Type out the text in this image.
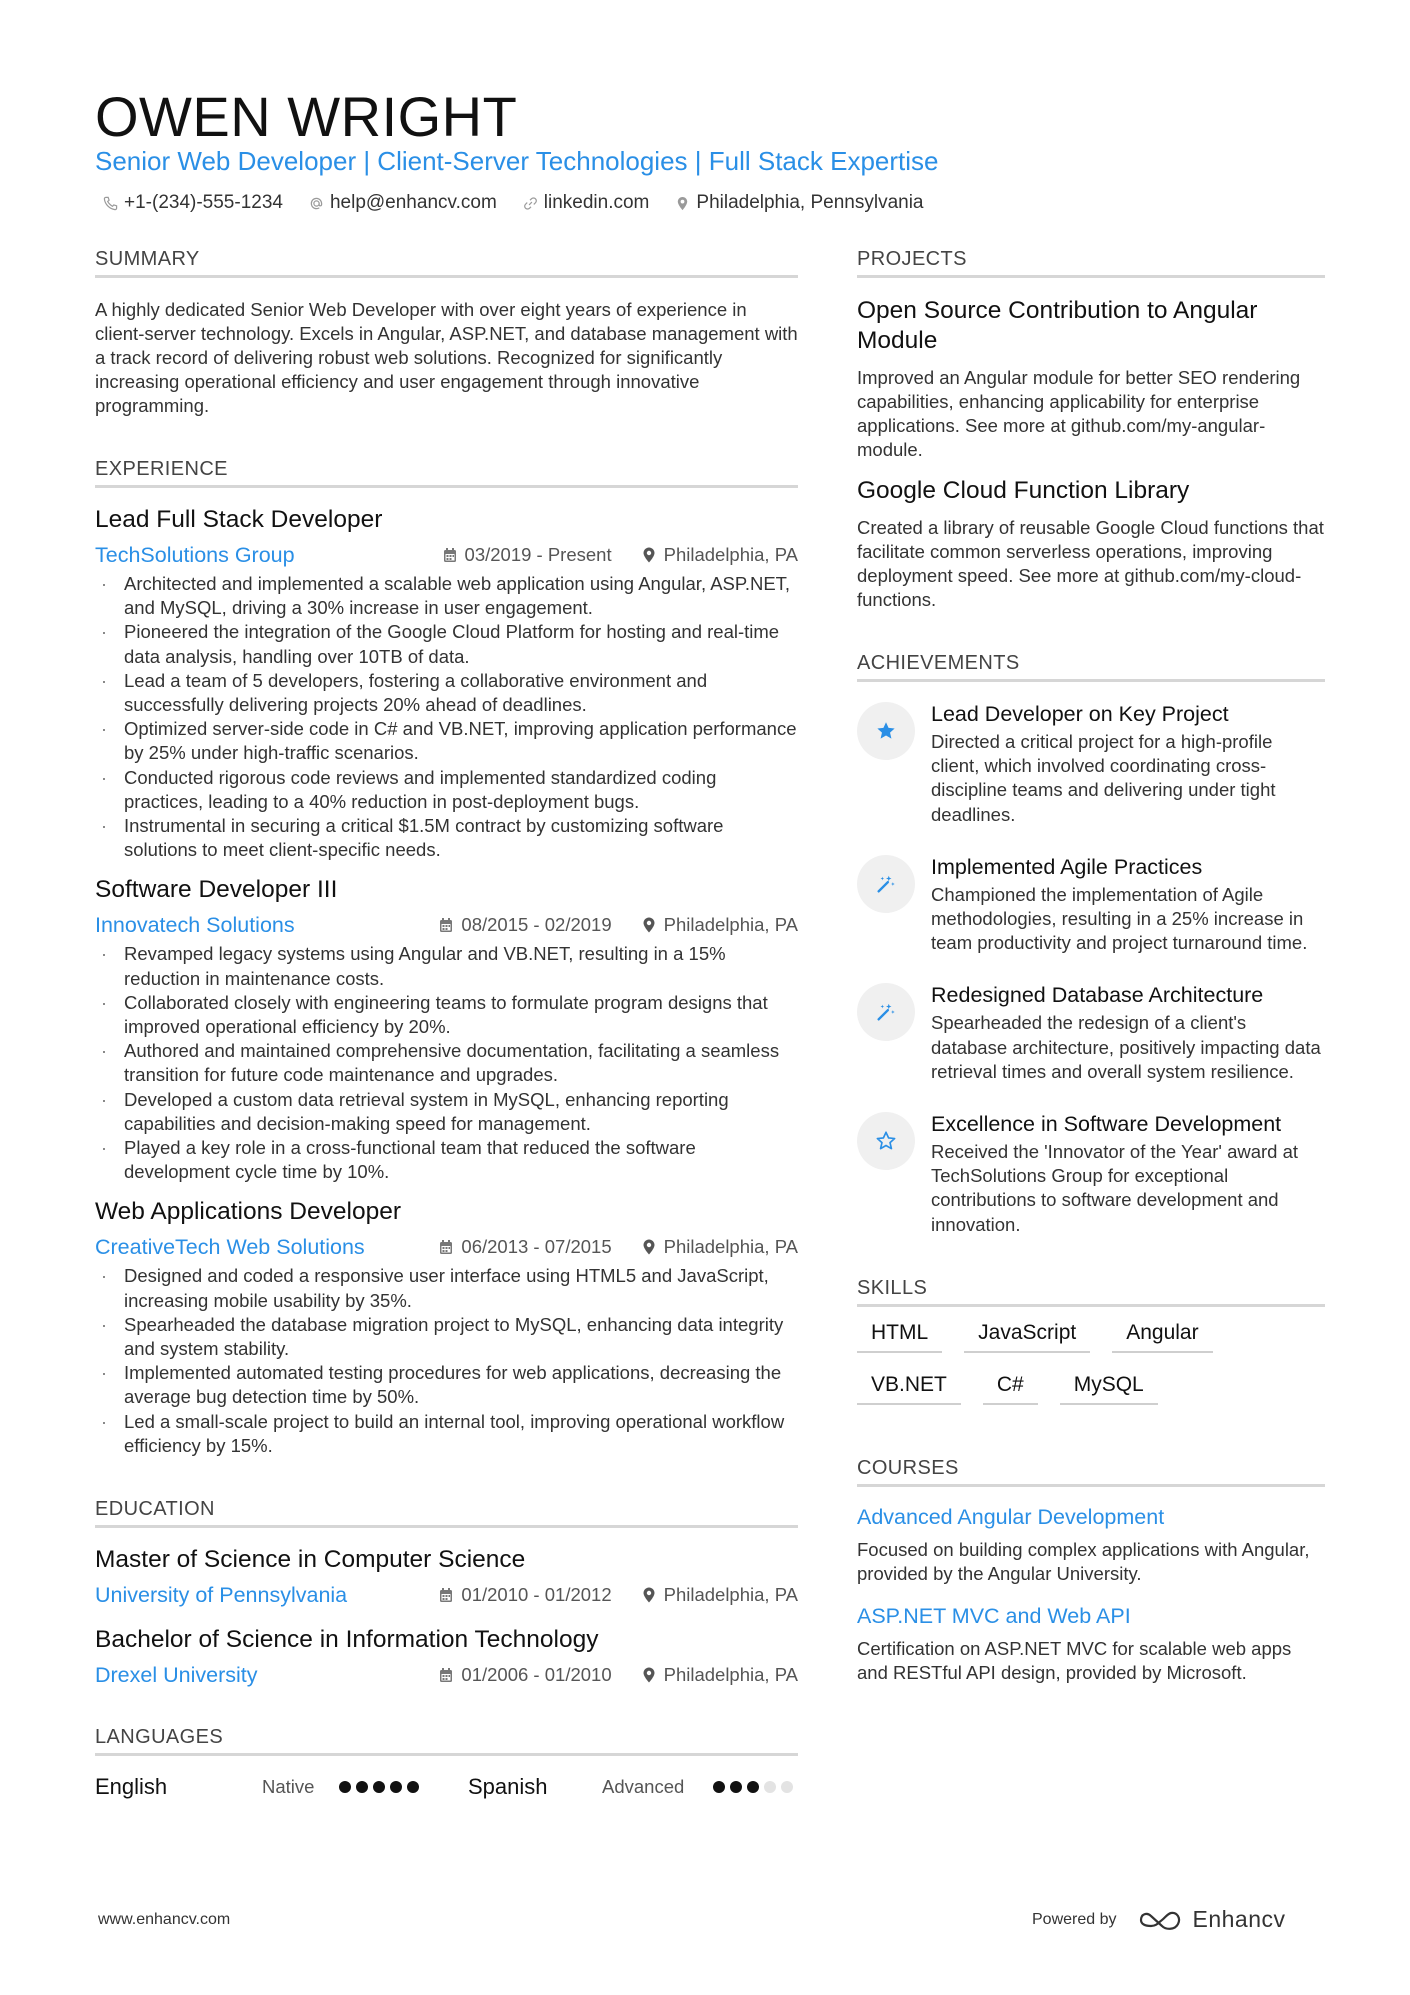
OWEN WRIGHT
Senior Web Developer | Client-Server Technologies | Full Stack Expertise
+1-(234)-555-1234 help@enhancv.com linkedin.com Philadelphia, Pennsylvania
SUMMARY
A highly dedicated Senior Web Developer with over eight years of experience in client-server technology. Excels in Angular, ASP.NET, and database management with a track record of delivering robust web solutions. Recognized for significantly increasing operational efficiency and user engagement through innovative programming.
EXPERIENCE
Lead Full Stack Developer
TechSolutions Group	03/2019 - Present	Philadelphia, PA
· Architected and implemented a scalable web application using Angular, ASP.NET, and MySQL, driving a 30% increase in user engagement.
· Pioneered the integration of the Google Cloud Platform for hosting and real-time data analysis, handling over 10TB of data.
· Lead a team of 5 developers, fostering a collaborative environment and successfully delivering projects 20% ahead of deadlines.
· Optimized server-side code in C# and VB.NET, improving application performance by 25% under high-traffic scenarios.
· Conducted rigorous code reviews and implemented standardized coding practices, leading to a 40% reduction in post-deployment bugs.
· Instrumental in securing a critical $1.5M contract by customizing software solutions to meet client-specific needs.
Software Developer III
Innovatech Solutions	08/2015 - 02/2019	Philadelphia, PA
· Revamped legacy systems using Angular and VB.NET, resulting in a 15% reduction in maintenance costs.
· Collaborated closely with engineering teams to formulate program designs that improved operational efficiency by 20%.
· Authored and maintained comprehensive documentation, facilitating a seamless transition for future code maintenance and upgrades.
· Developed a custom data retrieval system in MySQL, enhancing reporting capabilities and decision-making speed for management.
· Played a key role in a cross-functional team that reduced the software development cycle time by 10%.
Web Applications Developer
CreativeTech Web Solutions	06/2013 - 07/2015	Philadelphia, PA
· Designed and coded a responsive user interface using HTML5 and JavaScript, increasing mobile usability by 35%.
· Spearheaded the database migration project to MySQL, enhancing data integrity and system stability.
· Implemented automated testing procedures for web applications, decreasing the average bug detection time by 50%.
· Led a small-scale project to build an internal tool, improving operational workflow efficiency by 15%.
EDUCATION
Master of Science in Computer Science
University of Pennsylvania	01/2010 - 01/2012	Philadelphia, PA
Bachelor of Science in Information Technology
Drexel University	01/2006 - 01/2010	Philadelphia, PA
LANGUAGES
English	Native	Spanish	Advanced
PROJECTS
Open Source Contribution to Angular Module
Improved an Angular module for better SEO rendering capabilities, enhancing applicability for enterprise applications. See more at github.com/my-angular-module.
Google Cloud Function Library
Created a library of reusable Google Cloud functions that facilitate common serverless operations, improving deployment speed. See more at github.com/my-cloud-functions.
ACHIEVEMENTS
Lead Developer on Key Project
Directed a critical project for a high-profile client, which involved coordinating cross-discipline teams and delivering under tight deadlines.
Implemented Agile Practices
Championed the implementation of Agile methodologies, resulting in a 25% increase in team productivity and project turnaround time.
Redesigned Database Architecture
Spearheaded the redesign of a client's database architecture, positively impacting data retrieval times and overall system resilience.
Excellence in Software Development
Received the 'Innovator of the Year' award at TechSolutions Group for exceptional contributions to software development and innovation.
SKILLS
HTML	JavaScript	Angular
VB.NET	C#	MySQL
COURSES
Advanced Angular Development
Focused on building complex applications with Angular, provided by the Angular University.
ASP.NET MVC and Web API
Certification on ASP.NET MVC for scalable web apps and RESTful API design, provided by Microsoft.
www.enhancv.com	Powered by	Enhancv
